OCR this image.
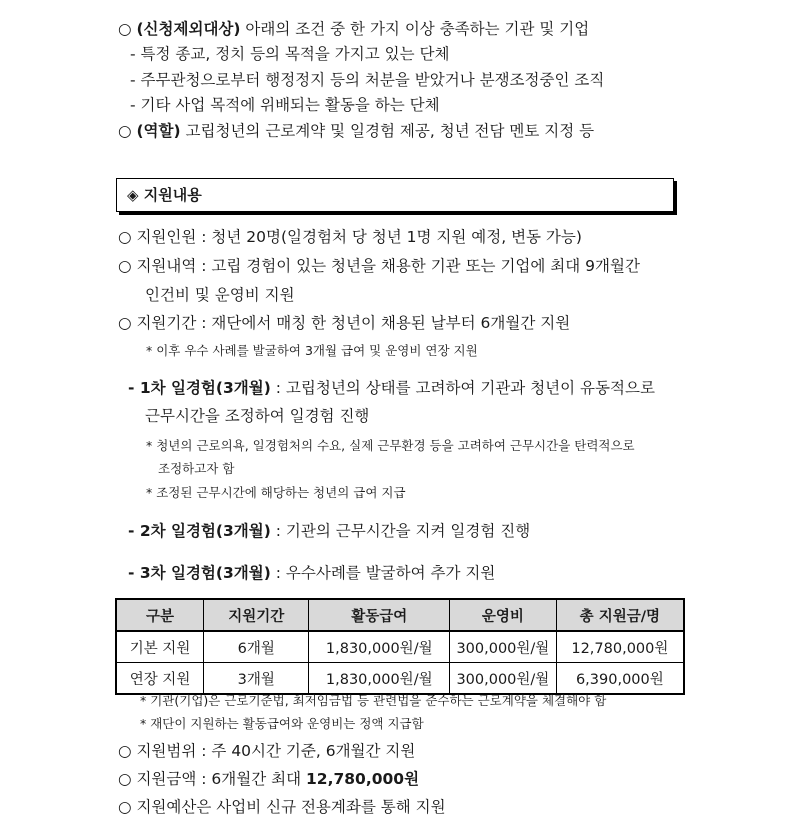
○ (신청제외대상) 아래의 조건 중 한 가지 이상 충족하는 기관 및 기업
- 특정 종교, 정치 등의 목적을 가지고 있는 단체
- 주무관청으로부터 행정정지 등의 처분을 받았거나 분쟁조정중인 조직
- 기타 사업 목적에 위배되는 활동을 하는 단체
○ (역할) 고립청년의 근로계약 및 일경험 제공, 청년 전담 멘토 지정 등
◈ 지원내용
○ 지원인원 : 청년 20명(일경험처 당 청년 1명 지원 예정, 변동 가능)
○ 지원내역 : 고립 경험이 있는 청년을 채용한 기관 또는 기업에 최대 9개월간
인건비 및 운영비 지원
○ 지원기간 : 재단에서 매칭 한 청년이 채용된 날부터 6개월간 지원
* 이후 우수 사례를 발굴하여 3개월 급여 및 운영비 연장 지원
- 1차 일경험(3개월) : 고립청년의 상태를 고려하여 기관과 청년이 유동적으로
근무시간을 조정하여 일경험 진행
* 청년의 근로의욕, 일경험처의 수요, 실제 근무환경 등을 고려하여 근무시간을 탄력적으로
조정하고자 함
* 조정된 근무시간에 해당하는 청년의 급여 지급
- 2차 일경험(3개월) : 기관의 근무시간을 지켜 일경험 진행
- 3차 일경험(3개월) : 우수사례를 발굴하여 추가 지원
구분	지원기간	활동급여	운영비	총 지원금/명
기본 지원	6개월	1,830,000원/월	300,000원/월	12,780,000원
연장 지원	3개월	1,830,000원/월	300,000원/월	6,390,000원
* 기관(기업)은 근로기준법, 최저임금법 등 관련법을 준수하는 근로계약을 체결해야 함
* 재단이 지원하는 활동급여와 운영비는 정액 지급함
○ 지원범위 : 주 40시간 기준, 6개월간 지원
○ 지원금액 : 6개월간 최대 12,780,000원
○ 지원예산은 사업비 신규 전용계좌를 통해 지원
